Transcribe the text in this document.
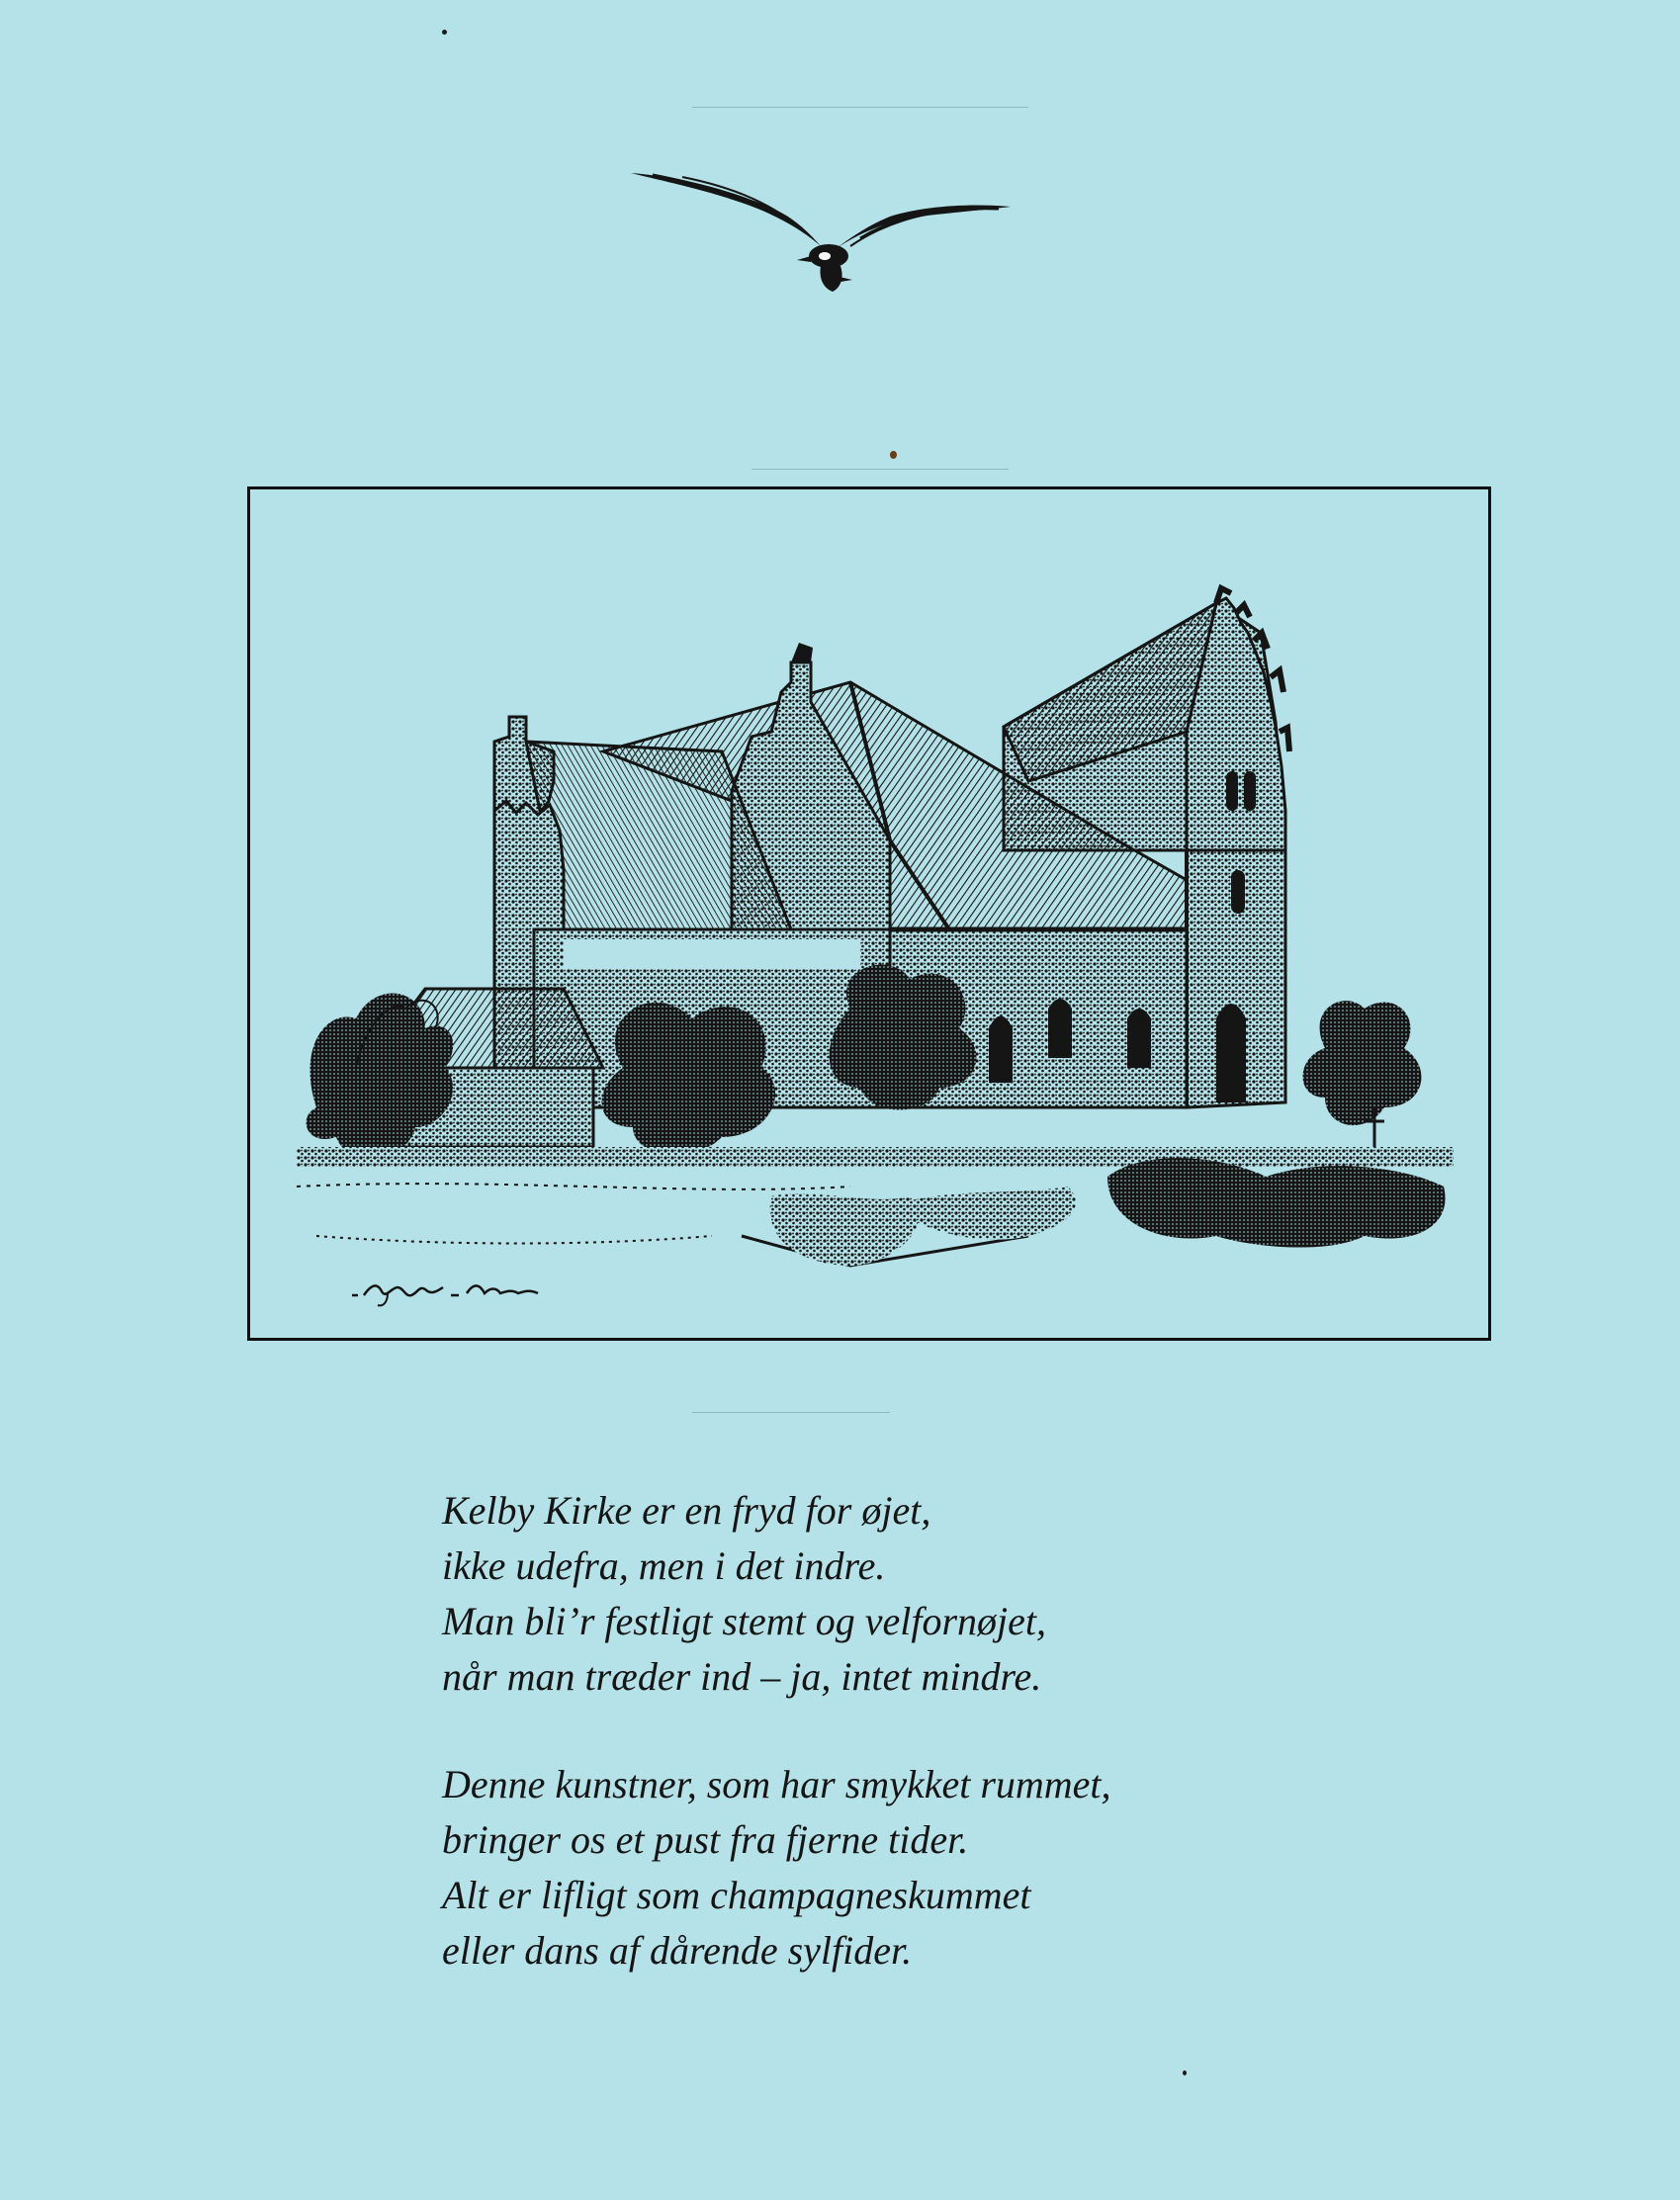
Kelby Kirke er en fryd for øjet,
ikke udefra, men i det indre.
Man bli’r festligt stemt og velfornøjet,
når man træder ind – ja, intet mindre.
Denne kunstner, som har smykket rummet,
bringer os et pust fra fjerne tider.
Alt er lifligt som champagneskummet
eller dans af dårende sylfider.
